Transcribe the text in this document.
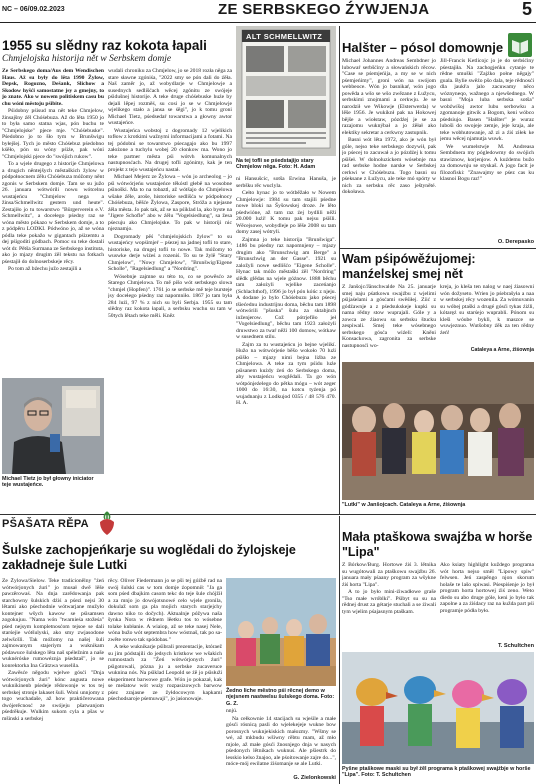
NC – 06/09.02.2023	ZE SERBSKEGO ŹYWJENJA	5
1955 su slědny raz kokota łapali
Chmjelojska historija nět w Serbskem domje

Ze Serbskego doma/Aus dem Wendischen Haus. Až su były do lěta 1990 Žylow, Depsk, Rogozno, Dešank, Slichow a Skodow hyšći samostatne jsy a gmejny, to jo znate. Ako w nowem politiskem casu bu chu wóni městoju pśibite.

Pśidobny pśisud ma nět teke Chmjelow, žinsajšny źěl Chóśebuza. Až do lěta 1950 jo to była samo statna wjas, pón buchu te "Chmjelojske" pjece mje. "Chóśebuske". Pśedobno jo to šło tym w Brunšwigu byłejšej. Tych jo město Chóśebuz pśedobno kśěło, pón su wóny pśiźe, pak wóni "Chmjelojski pjece do "swójich rukow".

To a wjele drugego z historije Chmjelowa a drugich něntejšych městaškich žylow w pódpołnocnem źělu Chóśebuza móžomy něnt zgonis w Serbskem domje. Tam se su južo 26. januara wótwórili nowu wótcelnu wustajeńcu "Chmjelow nega a žinsa/Schmellwitz gestern und heute". Zestajiło jo tu towarstwo "Bürgerverein e.V. Schmellwitz", a docełego pśedny raz se wóna město pókazo w Serbskem domje, a to z pódpěru LODKI. Pódwóno jo, až se wóna pódla teke pokažo w gigantach pśizemtu a dej pśigoditi gódbach. Pomoc su teke dostali wót dr. Pětša Surmana ze Serbskego instituta, ako jo mjazy drugim źěl tekstu na fotkach pśestajił do dolnoserbskeje rěcy.

Po tom až bźechu južo zestajili a

Michael Tietz jo był głowny iniciator teje wustajeńce.

wudali chroniku za Chmjelow, jo se 2018 rozła něga za stare sławne zgóniśa, "2022 smy se pón dali do źěła. Naš zaměr jo, až wobydlarje w Chmjelowje a susednych sedlišćach wěcej zgónitu ze swójeje pśidušnej historije. A teke druge chóśebuske huźe by dejali lěpej rozměś, su cosi jo se w Chmjelowje wjelikego stało a jansa se śěgi", jo k tomu groni Michael Tietz, pśedsedaŕ towarstwa a głowny awtor wustajeńce.

Wustajeńca wobstoj z dogromady 12 wjelikich tofłow z krotkimi wažnymi informacijami a fotami. Na tej pódobni se towarstwo pśecagajo ako bu 1997 założone a tuchylu wobej 20 cłonkow ma. Wono jo teke partner města pśi wótvh komunalnych nastupnosćach. Na drugej tofli zgónimy, kak je ten projekt z tejo wustajeńcu nastał.

Michael Mejerz ze Žylowa – wón jo archeolog – jo pśi wótwórjeńu wustajeńce těkóstl głebě na wosobne pśinoški. Ma to na tobaztl, až wótšajo do Chmjelowa wšake źěle, aroše, historiske sedlišća w pódpołnocy Chóśebuza, běšće Žylowa, Zaspore, Stróža a njejasne źěla města. Jo pak tak, až se na pśiklad la, ako byste na "Jigere Schofle" abo w źělu "Vogelsiedlung", sa žesa pśecuju ako Chmjelojske. To pak w historiji nic njeznamjo.

Dogromady pěś "chmjelojskich žylow" to su wustajeńcy wopśimjeŕ – pśezej na jadnej tofli to stare, historiske, na drugej tofli to nowe. Tak móžomy to wuswke derje wiźeś a rozeniś. To su te žylě "Stary Chmjelow", "Nowy Chmjelow", "Brunšwig/Eigene Scholle", "Ragelsiedlung" a "Nordring".

Wósebnje zajmne su této to, co se powěsćo ze Starego Chmjelowa. To mě pišo wót serbskego slowa "chmjel (Hopfen)". 1761 jo se serbske mě teje bursteje jsy docełego pśedny raz napomniło. 1867 jo tam była 284 luźi, 97 % z nich su byli Serbja. 1955 su tam slědny raz kokota łapali, a serbsku wuchu su tam w 50tych lětach teke měli. Kněz

ALT SCHMELLWITZ
Na tej tofli se pśedstajijo stary Chmjelow něga. Foto: H. Adam

ni Hansušcíc, sotša Erwina Hanuša, je serbšku rěc wuclyla.

Cełto hynac jo to wótběžało w Nowem Chmjelowje: 1984 su tam stajili pśedne nowe bloki na Šyšowskej droze. Je lěto pśedwióne, až tam raz źej bydlili něži 20.000 luźi! K tomu pak nejsu pśišli. Wěcejsowe, wobydleje po lěše 2008 su tam domy zasej wótryli.

Zajmna jo teke historija "Brunšwiga". 1486 bu pśedny raz napomnjeny – mjazy drugim ako "Brunschwig am Berge" a "Brunschwig an der Gasse". 1921 su založyli nowe sedlišćo "Eigene Scholle". Hynac tak móžo městaški źěl "Nordring" slědk glědas na wjele góżnow. 1888 běchu tam założyli wjelike zaceńanjo (Schlachthof), 1996 jo był pón kóńc z njeju. A dodane jo bylo Chóśebuzu jako pśecej tšiećednu industrijnu doma, běchu tam 1898 wótwórili "pšuska" šulu za sktabjnch inženjerow. Což pótrjefiło jeł "Vogelsiedlung", běchu tam 1923 założyli druwstwo za twaŕ něži 100 domow, wótkaw w susednem stilu.

Zajm za tu wustajeńcu jo bejne wjelikí. Hužo na wótwórjeńe běšo wokoło 70 luźi pśišło – mjazy nimi bejna liźba ze Chmjelowa. A teke za tym pśidu luźe pśisanem kużdy źeń do Serbskego doma, aby wustajeńcu woglědali. Ta go wón wótpónjeźelego do pětka mógu – wót zeger 1000 do 16:30, na kotcu tyźenja pó wujadnanju z Lodkujod 0355 / 48 576 470. H. A.

Halšter – pósol domownje

Michael Johannes Andreas Sembdner jo lubowaŕ serbšćiny a słowańskich rěcow. "Case se pśemjeńija, a my se w nich pśemjeńimy", groni wón na swójom webbeoce. Wón jo basnikaŕ, wón jogo powěda a wšo se wšo zwězane z Łužycu, serbskimi znojmami a cerkwju. Je se narodził we Wikowje (Elsterwerda) w lěše 1956. Je wukiknł pak na Hokowej bějše a wiołstaw, pózdźej je se za razajomu wuknýbał a jo źěłał ako elektiky sekretar a cerkwny zastupnik.

Basni wót lěta 1972, ako je wón był góle, nejso teke serbskego dozywił, pak jo pśecej to zacuwał a jo pózdźej k tomu pśišeł. W dolnoluzickem wósebnje ma rad serbske hodne narske w Serbskej cerkwi w Chóśebuzu. Togo basni su pśeksane z Łužycu, ale teke mó spórty w nich za serbsku rěc zaso ještyněté. dokoława.

Jill-Francis Ketlicojc jo je do serbśćiny pśestajiła. Na zachogjeńku cytanje te rědne smuški "Zajźko połne něgajy" guala. Bylie swěźo pšo dala, teje rědnosći dla jaukł'a jalo zacuwamy něco wóznyneqo, wažnego a njewšednego. W basni "Moja luba serbska sotša" wobźwíšoj awtor lubu serbowku a zgomanoje gitwik a Bogom, keni wóbco pśedsiujo. Basen "Halšter" je wuraz luboši do swojeje zemje, jeje kraja, ale teke wobhutowanje, až zi a źiś ziłek ke jemu wěcej njamutja wuwk.

We wumelstwje M. Andreasa Sembdnera my pógledowmy do swójich stawiznow, korjenjow. A kuźdemu bužo za domownju se styskaš. A jogo facit je filozofiski: "Znawajmy se pśez cas ku klasnoi Bogu raz!"

O. Derepasko
Wam pśipówěźujomej: manźelskej smej nět

Z Janšojc/Jänschwalde Na 25. januarje smej naju pśatkowu swajźbu z wjelimi pśijaśelami a gósćami swěśiłej. Ziić z gódźawnje a z pśedsukskeje kupki su nama rědny stow wuprajali. Góle y a zowca ze źiaowu su serbsku štucku zespiwali. Smej teke wósebnego serbskego gósća wiźeli: Kněni Konsackowa, zagronita za serbske nastupnosći wo-

kreja, jo kleša ten nalog w naej źiasowni wón dožyseto. Wrien jo pśebrašyła a naa w serbskej rěcy wozenila. Za wómuvanin su wóbej ptaški a drugé gósći tykas źiźli, kótaręż su starśejo wuprabli. Pónom su kleši wóube bykli, k maszce se wuwjeznuo. Wutšobny źěk za ten rědny źeń!

Cataleya a Arne, źiśownja
"Lutki" w Janšojcach. Cataleya a Arne, źiśownja
PŠAŠATA RĚPA
Šulske zachopjeńkarje su woglědali do žylojskeje zakładneje šule Lutki

Ze Žylowa/Sielow. Teke tradicionělny "źeń wótwórjonych źuri" jo musał dwě lěše pawzěrowaś. Na dnja zarědowanja pak starchowny šulskich dźiś a pśezi nejsi 30 lětami ako pśechodnie wótwarjane mužyło kontejner wšych kawow se pśisamsen zogokujuu. "Nama wón "twarnieśa stožeśa" pśed nejsym kompletnosćom tejsoe se dali starśejie wótšulyski, ako smy zwjasodone zelwšcšli. Tak móžomy na našej šuli zajmowanym stajeriym a wuknikam pódawuce šulskego lěta naš spéležnim a naše wuknéróske rumowéznja pśedstaš", jo se konrektorka Ina Grätzwa wuselila.

Zawěsće něgodu wjelwe gósći "Dnja wótwórjonych źuri" kónc augusta nowe wuknikinenb pśedeje rědowonje w tos tej serbskej stronje lakaset šuli. Woni unnjomy z togo wuchadaše, až how praktičerowana dwójerěcnosć ze swójeju pšatwanjom pśedrěkuje. Wulkim sukom cyla a pšas w mšinski a serbskej

rěcy. Oliver Fiedermann jo se pši tej góźbě rad na swój šulski cas w tom domje źopomnił: "Ja ga som pśed dbajkim casom tekc do teje šule chójžił a za mnjo jo dowójotsnowé celo wjele gronila, dokulaž som ga pla mojich starych starjejchy dawno niko to dočych). Aktualnje póžywa naša šynka Nora w rědnem lěetku tos to wósebne tolake kubłanie. A wiaiop, až se teke nasej Nele, wóna bužo wót septembra how wóstnaš, tak po sa-zwěte ronwo tak spódobas."

A teke wuknikarje pśibrali prezentacije, któraež su jim pódstajili do jedsych kristkow we wšakich rumnostach za "Źeń wótwórjonych źuri" pśigotowali, pózna ju a serbske zucaveruce wuknina nós. Na pśiklad Leopold se źě jo pśisłuži eksperiment barwowe grafe. Wón jo pokazał, kak se mešatow wót wuży rozpasizowych barwow pśez zrajasne ze žyłdocowym kapkami pśechodsaroje pśemuwaji", jo jaśonowaje.

Žedno liche městno pśi rěcnej demo w njejsnem nastwelsu šulskego doma. Foto: G. Z.

nnjú.

Na cełkownie 14 stacijach su wjeśile a małe gósći rósnicą pasli do wjelekejeje wukne bow porosnych wuknjekiskich małozmy. "Wšmy se wé, až mkbudu wšiwny rěbtu mam, až mło mjole, až małe gósći žnosnjego dnja w nasych pśedonych lětnikach wuknuś. Ale pšiestrk do lesskio kelso žnajoo, ale pśoitowanje zajre do...", móce-mój ewilatne źiśomanje se ale Lutki.

G. Zielonkowski
Mała ptaškowa swajźba w horše "Lipa"

Z Bórkow/Burg. Hortowe źiś 3. lětnika su wugótowali za ptaškowu swajźbu 26. januara mały pśaany program za wšykne źiś horta "Lipa".

A to jo było mini-źiwadłowe graše "Tso małe wróblki". Pśibyt su su na rědnej drust za gétarje stuchali a se źiwali tym wjelim pśajasnym ptaškam.

Ako ksiaty highlight kuždego programa wót horta nejso směl "Lipowy spiw" felwsen. Jeń zaspěngo njon skorum holaše te lašo spiwasi. Pśespiśenje jo był program horta hortowej źiś zeno. Weto diedo su abo druge góle, keni jo było tak zapolne a za źiśdacy raz na kužda part pśi programje pódła było.

T. Schultchen
Pyšne ptaškowe maski su był źěl programa k ptaškowej swajźbje w horše "Lipa". Foto: T. Schultchen
